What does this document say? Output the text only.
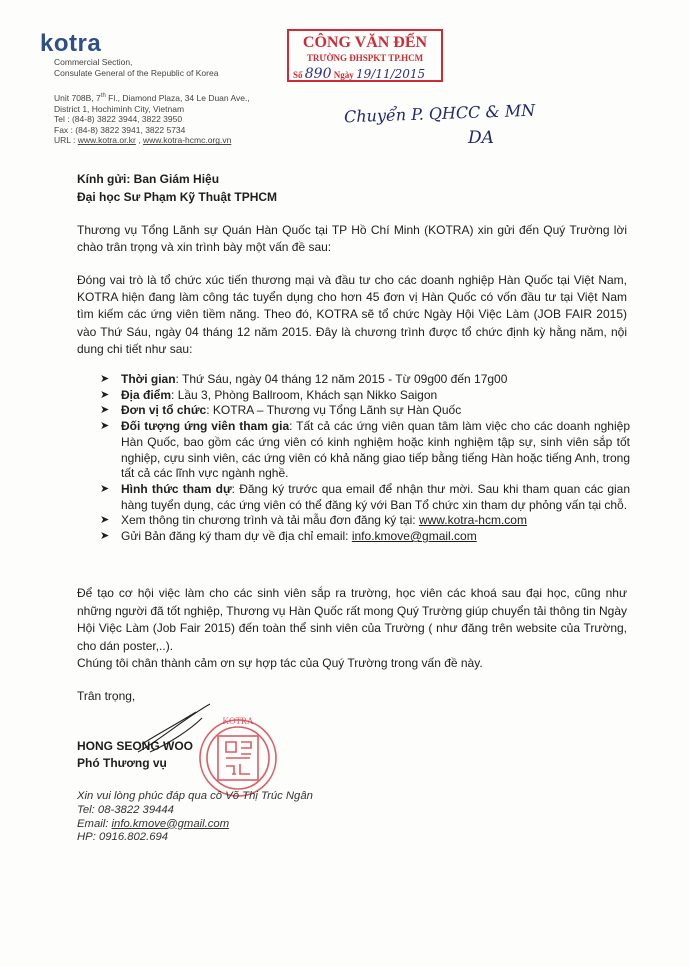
kotra
Commercial Section,
Consulate General of the Republic of Korea
Unit 708B, 7th Fl., Diamond Plaza, 34 Le Duan Ave.,
District 1, Hochiminh City, Vietnam
Tel : (84-8) 3822 3944, 3822 3950
Fax : (84-8) 3822 3941, 3822 5734
URL : www.kotra.or.kr , www.kotra-hcmc.org.vn
CÔNG VĂN ĐẾN
TRƯỜNG ĐHSPKT TP.HCM
Số 890 Ngày 19/11/2015
Chuyển P. QHCC & MN
DA
Kính gửi: Ban Giám Hiệu
Đại học Sư Phạm Kỹ Thuật TPHCM

Thương vụ Tổng Lãnh sự Quán Hàn Quốc tại TP Hồ Chí Minh (KOTRA) xin gửi đến Quý Trường lời chào trân trọng và xin trình bày một vấn đề sau:

Đóng vai trò là tổ chức xúc tiến thương mại và đầu tư cho các doanh nghiệp Hàn Quốc tại Việt Nam, KOTRA hiện đang làm công tác tuyển dụng cho hơn 45 đơn vị Hàn Quốc có vốn đầu tư tại Việt Nam tìm kiếm các ứng viên tiềm năng. Theo đó, KOTRA sẽ tổ chức Ngày Hội Việc Làm (JOB FAIR 2015) vào Thứ Sáu, ngày 04 tháng 12 năm 2015. Đây là chương trình được tổ chức định kỳ hằng năm, nội dung chi tiết như sau:

➤ Thời gian: Thứ Sáu, ngày 04 tháng 12 năm 2015 - Từ 09g00 đến 17g00
➤ Địa điểm: Lầu 3, Phòng Ballroom, Khách sạn Nikko Saigon
➤ Đơn vị tổ chức: KOTRA – Thương vụ Tổng Lãnh sự Hàn Quốc
➤ Đối tượng ứng viên tham gia: Tất cả các ứng viên quan tâm làm việc cho các doanh nghiệp Hàn Quốc, bao gồm các ứng viên có kinh nghiệm hoặc kinh nghiệm tập sự, sinh viên sắp tốt nghiệp, cựu sinh viên, các ứng viên có khả năng giao tiếp bằng tiếng Hàn hoặc tiếng Anh, trong tất cả các lĩnh vực ngành nghề.
➤ Hình thức tham dự: Đăng ký trước qua email để nhận thư mời. Sau khi tham quan các gian hàng tuyển dụng, các ứng viên có thể đăng ký với Ban Tổ chức xin tham dự phỏng vấn tại chỗ.
➤ Xem thông tin chương trình và tải mẫu đơn đăng ký tại: www.kotra-hcm.com
➤ Gửi Bản đăng ký tham dự về địa chỉ email: info.kmove@gmail.com

Để tạo cơ hội việc làm cho các sinh viên sắp ra trường, học viên các khoá sau đại học, cũng như những người đã tốt nghiệp, Thương vụ Hàn Quốc rất mong Quý Trường giúp chuyển tải thông tin Ngày Hội Việc Làm (Job Fair 2015) đến toàn thể sinh viên của Trường ( như đăng trên website của Trường, cho dán poster,..).

Chúng tôi chân thành cảm ơn sự hợp tác của Quý Trường trong vấn đề này.

Trân trọng,
HONG SEONG WOO
Phó Thương vụ
KOTRA
Xin vui lòng phúc đáp qua cô Võ Thị Trúc Ngân
Tel: 08-3822 39444
Email: info.kmove@gmail.com
HP: 0916.802.694
